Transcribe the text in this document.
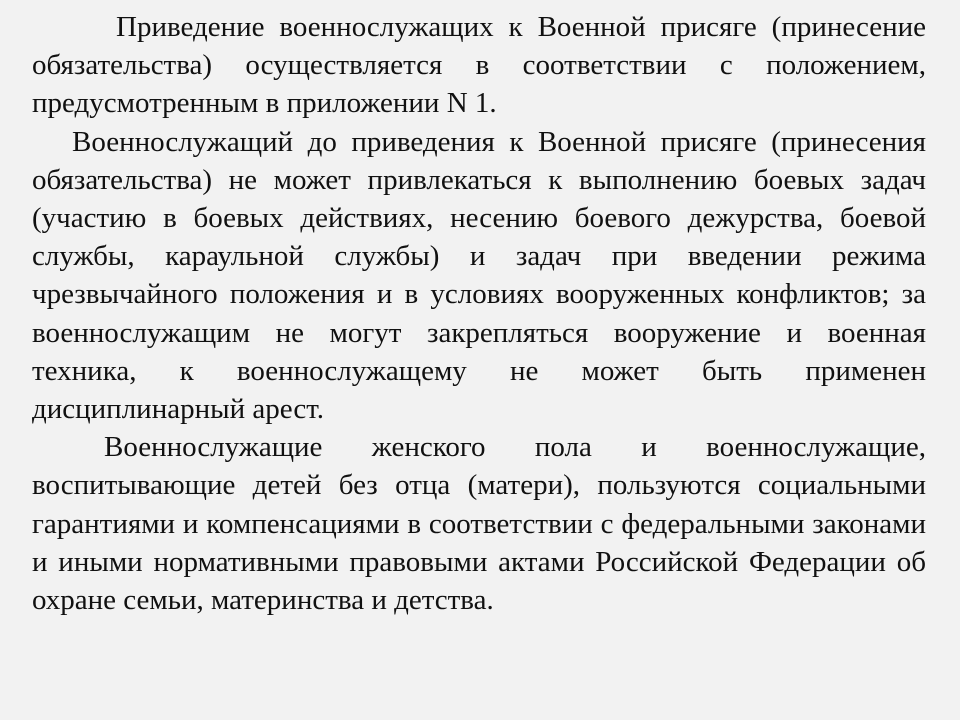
Приведение военнослужащих к Военной присяге (принесение обязательства) осуществляется в соответствии с положением, предусмотренным в приложении N 1.

Военнослужащий до приведения к Военной присяге (принесения обязательства) не может привлекаться к выполнению боевых задач (участию в боевых действиях, несению боевого дежурства, боевой службы, караульной службы) и задач при введении режима чрезвычайного положения и в условиях вооруженных конфликтов; за военнослужащим не могут закрепляться вооружение и военная техника, к военнослужащему не может быть применен дисциплинарный арест.

Военнослужащие женского пола и военнослужащие, воспитывающие детей без отца (матери), пользуются социальными гарантиями и компенсациями в соответствии с федеральными законами и иными нормативными правовыми актами Российской Федерации об охране семьи, материнства и детства.
